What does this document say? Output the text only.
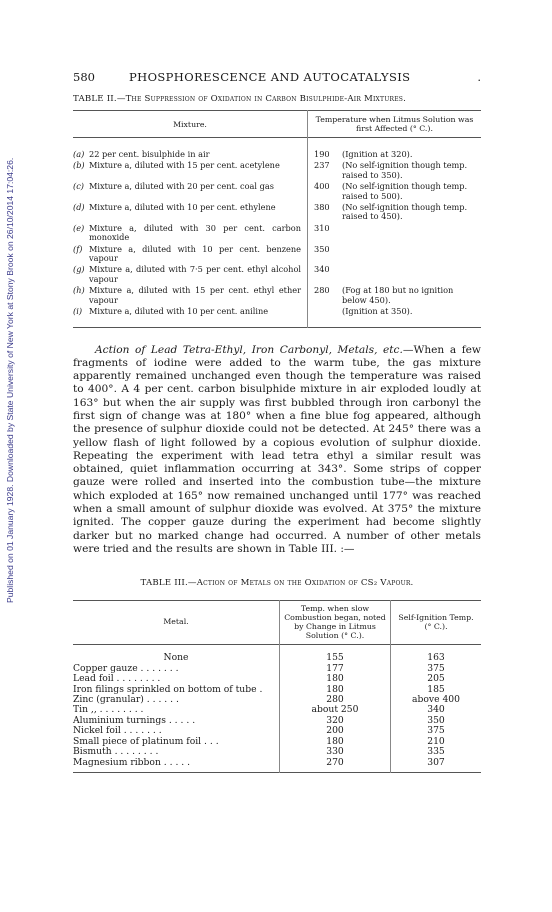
Published on 01 January 1928. Downloaded by State University of New York at Stony Brook on 26/10/2014 17:04:26.
580	PHOSPHORESCENCE AND AUTOCATALYSIS	.
TABLE II.—The Suppression of Oxidation in Carbon Bisulphide-Air Mixtures.
Mixture.	Temperature when Litmus Solution was first Affected (° C.).	

(a) 22 per cent. bisulphide in air	190	(Ignition at 320).

(b) Mixture a, diluted with 15 per cent. acetylene	237	(No self-ignition though temp. raised to 350).

(c) Mixture a, diluted with 20 per cent. coal gas	400	(No self-ignition though temp. raised to 500).

(d) Mixture a, diluted with 10 per cent. ethylene	380	(No self-ignition though temp. raised to 450).

(e) Mixture a, diluted with 30 per cent. carbon monoxide	310	

(f) Mixture a, diluted with 10 per cent. benzene vapour	350	

(g) Mixture a, diluted with 7·5 per cent. ethyl alcohol vapour	340	

(h) Mixture a, diluted with 15 per cent. ethyl ether vapour	280	(Fog at 180 but no ignition below 450).

(i) Mixture a, diluted with 10 per cent. aniline		(Ignition at 350).
Action of Lead Tetra-Ethyl, Iron Carbonyl, Metals, etc.—When a few fragments of iodine were added to the warm tube, the gas mixture apparently remained unchanged even though the temperature was raised to 400°. A 4 per cent. carbon bisulphide mixture in air exploded loudly at 163° but when the air supply was first bubbled through iron carbonyl the first sign of change was at 180° when a fine blue fog appeared, although the presence of sulphur dioxide could not be detected. At 245° there was a yellow flash of light followed by a copious evolution of sulphur dioxide. Repeating the experiment with lead tetra ethyl a similar result was obtained, quiet inflammation occurring at 343°. Some strips of copper gauze were rolled and inserted into the combustion tube—the mixture which exploded at 165° now remained unchanged until 177° was reached when a small amount of sulphur dioxide was evolved. At 375° the mixture ignited. The copper gauze during the experiment had become slightly darker but no marked change had occurred. A number of other metals were tried and the results are shown in Table III. :—
TABLE III.—Action of Metals on the Oxidation of CS₂ Vapour.
Metal.	Temp. when slow Combustion began, noted by Change in Litmus Solution (° C.).	Self-Ignition Temp. (° C.).
None	155	163
Copper gauze . . . . . . .	177	375
Lead foil . . . . . . . .	180	205
Iron filings sprinkled on bottom of tube .	180	185
Zinc (granular) . . . . . .	280	above 400
Tin ,, . . . . . . . .	about 250	340
Aluminium turnings . . . . .	320	350
Nickel foil . . . . . . .	200	375
Small piece of platinum foil . . .	180	210
Bismuth . . . . . . . .	330	335
Magnesium ribbon . . . . .	270	307
